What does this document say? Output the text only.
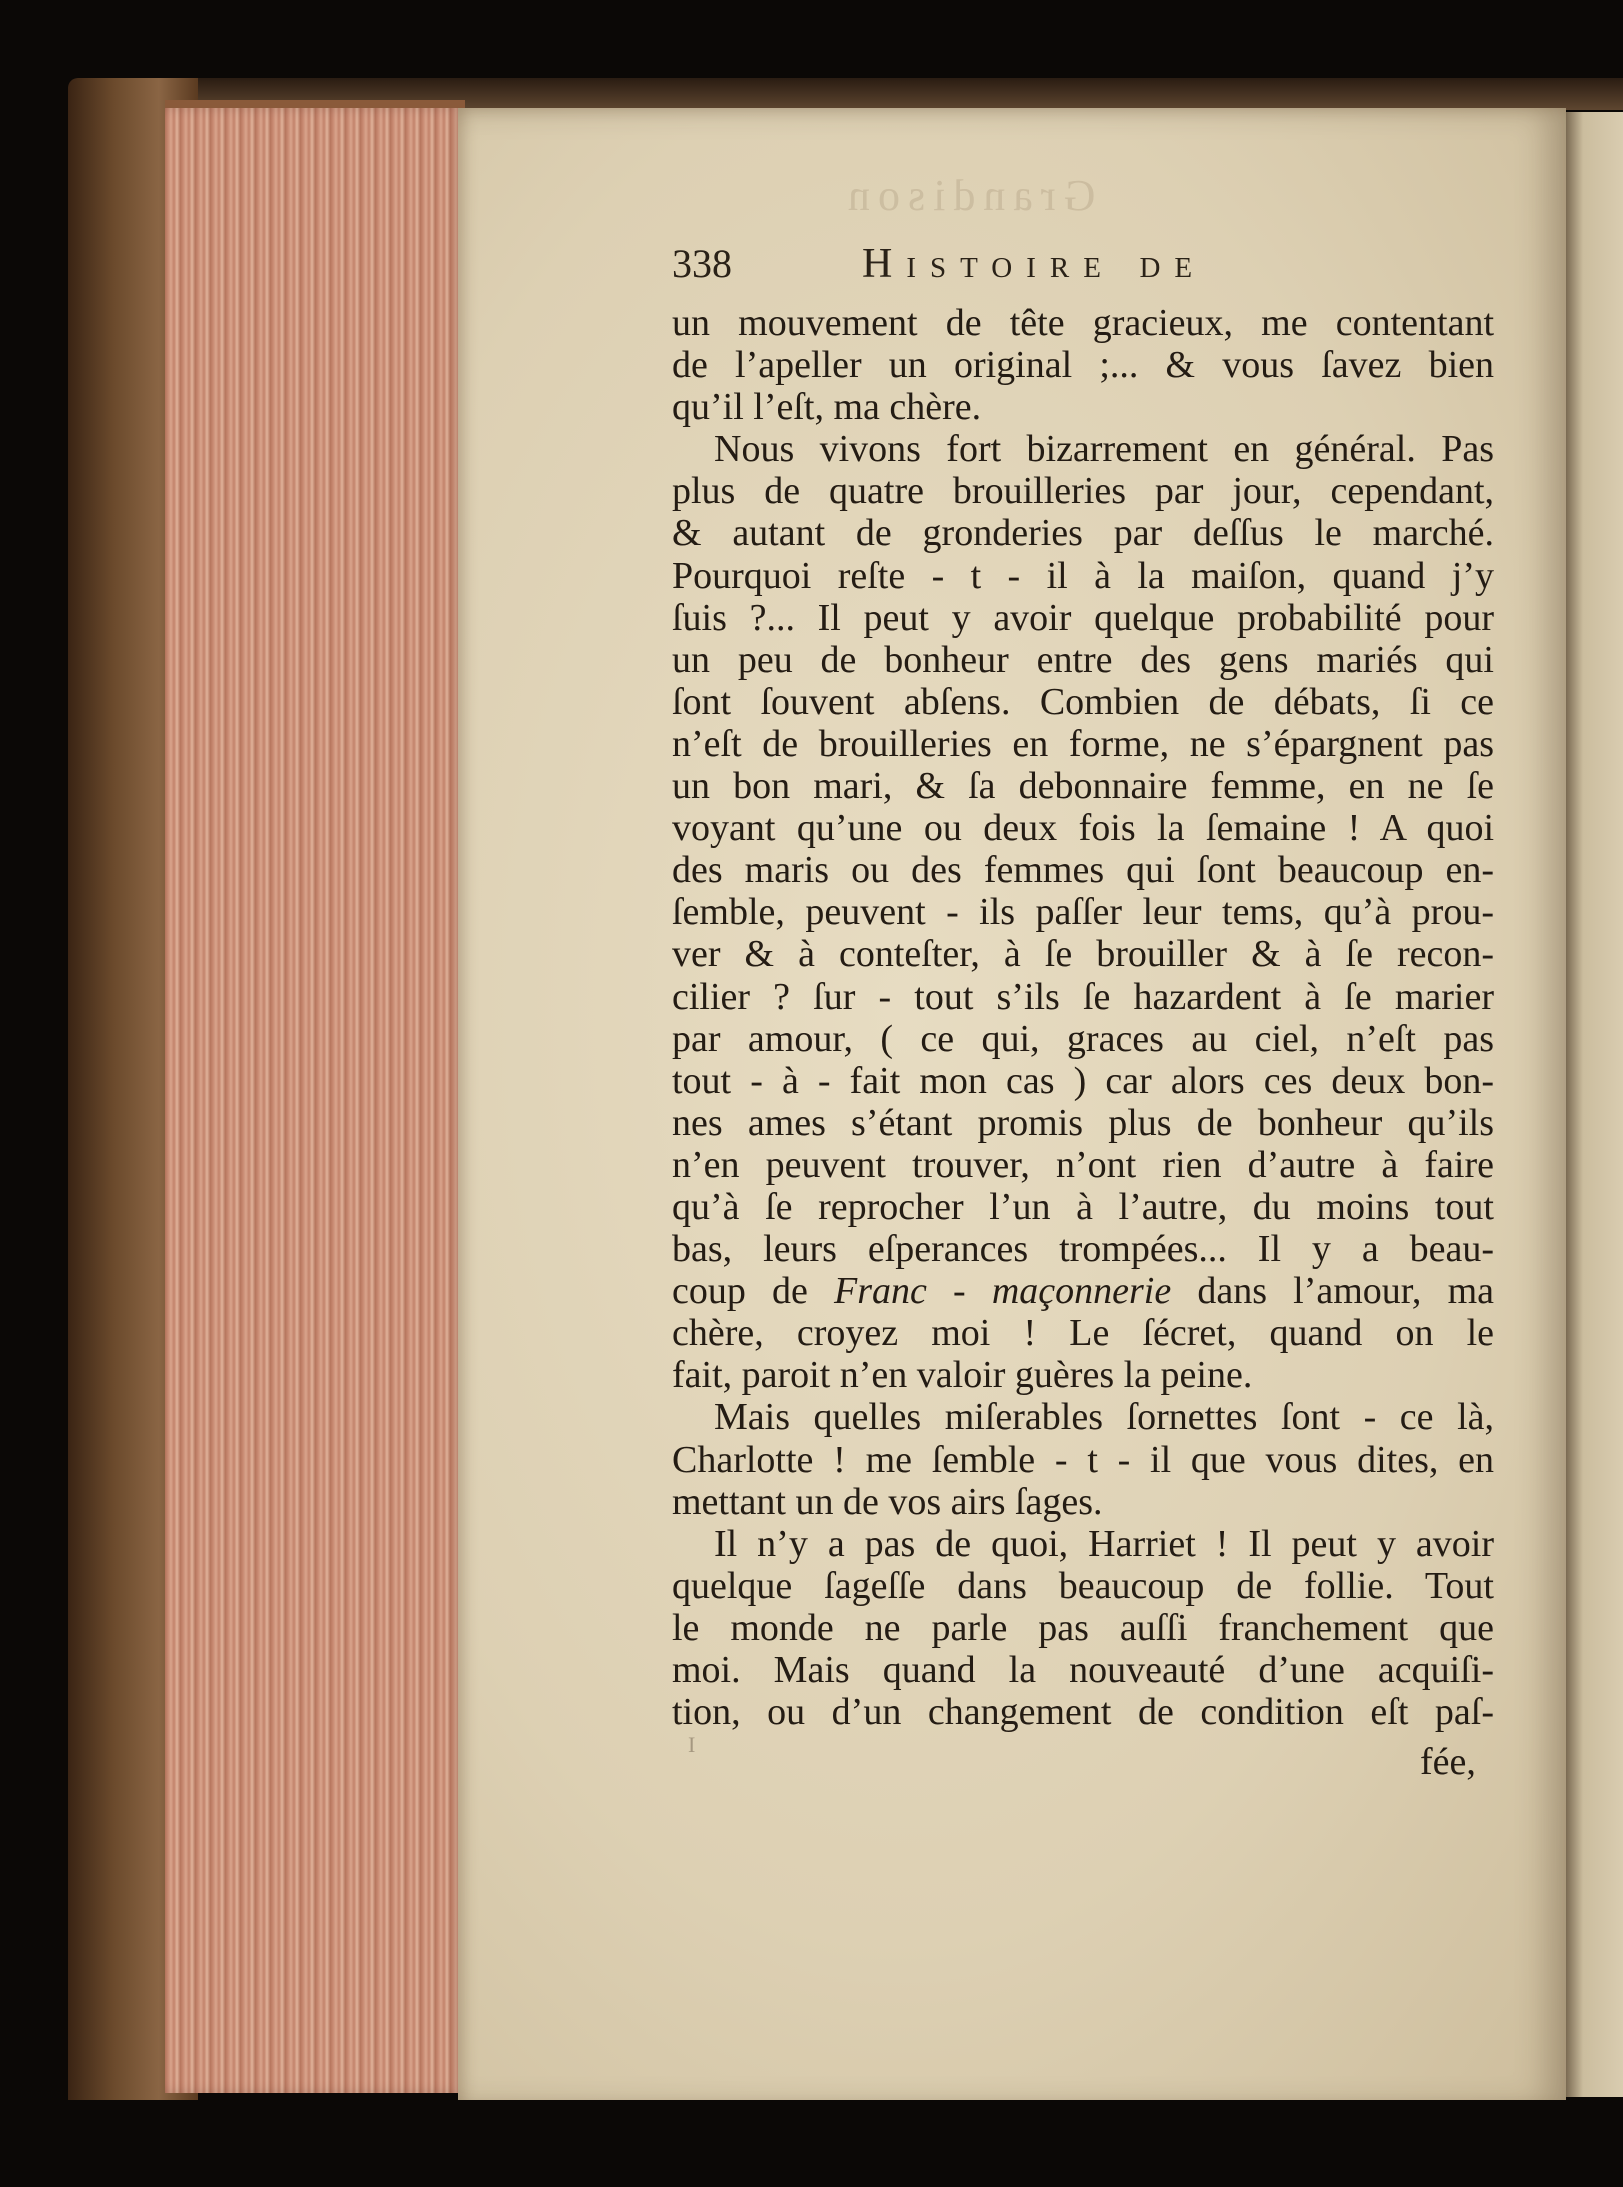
Grandison
338	Histoire de
un mouvement de tête gracieux, me contentant
de l’apeller un original ;... & vous ſavez bien
qu’il l’eſt, ma chère.
Nous vivons fort bizarrement en général. Pas
plus de quatre brouilleries par jour, cependant,
& autant de gronderies par deſſus le marché.
Pourquoi reſte - t - il à la maiſon, quand j’y
ſuis ?... Il peut y avoir quelque probabilité pour
un peu de bonheur entre des gens mariés qui
ſont ſouvent abſens. Combien de débats, ſi ce
n’eſt de brouilleries en forme, ne s’épargnent pas
un bon mari, & ſa debonnaire femme, en ne ſe
voyant qu’une ou deux fois la ſemaine ! A quoi
des maris ou des femmes qui ſont beaucoup en-
ſemble, peuvent - ils paſſer leur tems, qu’à prou-
ver & à conteſter, à ſe brouiller & à ſe recon-
cilier ? ſur - tout s’ils ſe hazardent à ſe marier
par amour, ( ce qui, graces au ciel, n’eſt pas
tout - à - fait mon cas ) car alors ces deux bon-
nes ames s’étant promis plus de bonheur qu’ils
n’en peuvent trouver, n’ont rien d’autre à faire
qu’à ſe reprocher l’un à l’autre, du moins tout
bas, leurs eſperances trompées... Il y a beau-
coup de Franc - maçonnerie dans l’amour, ma
chère, croyez moi ! Le ſécret, quand on le
fait, paroit n’en valoir guères la peine.
Mais quelles miſerables ſornettes ſont - ce là,
Charlotte ! me ſemble - t - il que vous dites, en
mettant un de vos airs ſages.
Il n’y a pas de quoi, Harriet ! Il peut y avoir
quelque ſageſſe dans beaucoup de follie. Tout
le monde ne parle pas auſſi franchement que
moi. Mais quand la nouveauté d’une acquiſi-
tion, ou d’un changement de condition eſt paſ-
I	fée,
